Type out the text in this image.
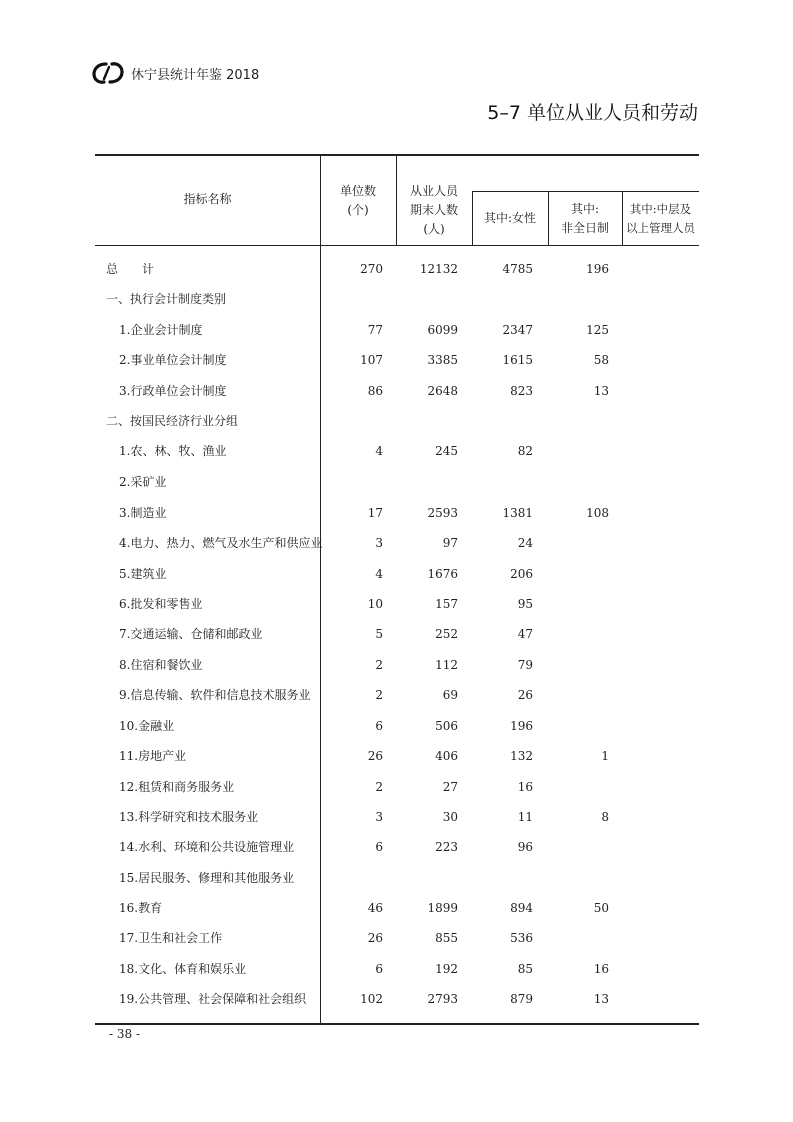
休宁县统计年鉴 2018
5–7 单位从业人员和劳动
指标名称
单位数
(个)
从业人员
期末人数
(人)
其中:女性
其中:
非全日制
其中:中层及
以上管理人员
总　　计	270	12132	4785	196
一、执行会计制度类别
1.企业会计制度	77	6099	2347	125
2.事业单位会计制度	107	3385	1615	58
3.行政单位会计制度	86	2648	823	13
二、按国民经济行业分组
1.农、林、牧、渔业	4	245	82
2.采矿业
3.制造业	17	2593	1381	108
4.电力、热力、燃气及水生产和供应业	3	97	24
5.建筑业	4	1676	206
6.批发和零售业	10	157	95
7.交通运输、仓储和邮政业	5	252	47
8.住宿和餐饮业	2	112	79
9.信息传输、软件和信息技术服务业	2	69	26
10.金融业	6	506	196
11.房地产业	26	406	132	1
12.租赁和商务服务业	2	27	16
13.科学研究和技术服务业	3	30	11	8
14.水利、环境和公共设施管理业	6	223	96
15.居民服务、修理和其他服务业
16.教育	46	1899	894	50
17.卫生和社会工作	26	855	536
18.文化、体育和娱乐业	6	192	85	16
19.公共管理、社会保障和社会组织	102	2793	879	13
- 38 -
